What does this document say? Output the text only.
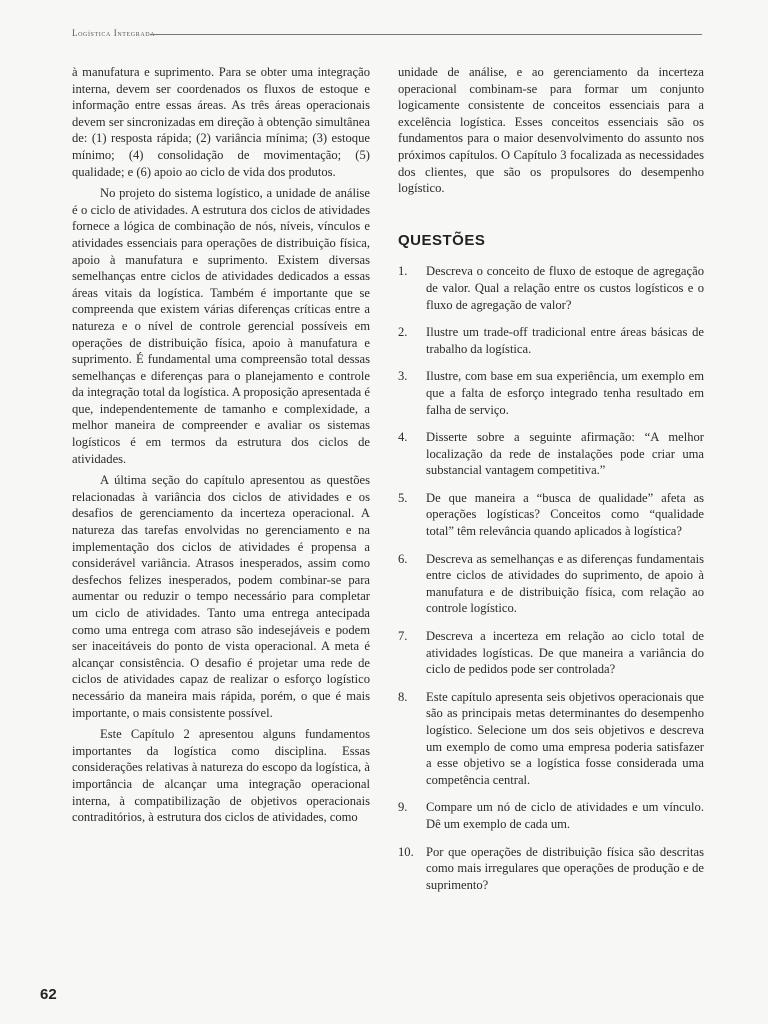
Logística Integrada

à manufatura e suprimento. Para se obter uma integração interna, devem ser coordenados os fluxos de estoque e informação entre essas áreas. As três áreas operacionais devem ser sincronizadas em direção à obtenção simultânea de: (1) resposta rápida; (2) variância mínima; (3) estoque mínimo; (4) consolidação de movimentação; (5) qualidade; e (6) apoio ao ciclo de vida dos produtos.

No projeto do sistema logístico, a unidade de análise é o ciclo de atividades. A estrutura dos ciclos de atividades fornece a lógica de combinação de nós, níveis, vínculos e atividades essenciais para operações de distribuição física, apoio à manufatura e suprimento. Existem diversas semelhanças entre ciclos de atividades dedicados a essas áreas vitais da logística. Também é importante que se compreenda que existem várias diferenças críticas entre a natureza e o nível de controle gerencial possíveis em operações de distribuição física, apoio à manufatura e suprimento. É fundamental uma compreensão total dessas semelhanças e diferenças para o planejamento e controle da integração total da logística. A proposição apresentada é que, independentemente de tamanho e complexidade, a melhor maneira de compreender e avaliar os sistemas logísticos é em termos da estrutura dos ciclos de atividades.

A última seção do capítulo apresentou as questões relacionadas à variância dos ciclos de atividades e os desafios de gerenciamento da incerteza operacional. A natureza das tarefas envolvidas no gerenciamento e na implementação dos ciclos de atividades é propensa a considerável variância. Atrasos inesperados, assim como desfechos felizes inesperados, podem combinar-se para aumentar ou reduzir o tempo necessário para completar um ciclo de atividades. Tanto uma entrega antecipada como uma entrega com atraso são indesejáveis e podem ser inaceitáveis do ponto de vista operacional. A meta é alcançar consistência. O desafio é projetar uma rede de ciclos de atividades capaz de realizar o esforço logístico necessário da maneira mais rápida, porém, o que é mais importante, o mais consistente possível.

Este Capítulo 2 apresentou alguns fundamentos importantes da logística como disciplina. Essas considerações relativas à natureza do escopo da logística, à importância de alcançar uma integração operacional interna, à compatibilização de objetivos operacionais contraditórios, à estrutura dos ciclos de atividades, como

unidade de análise, e ao gerenciamento da incerteza operacional combinam-se para formar um conjunto logicamente consistente de conceitos essenciais para a excelência logística. Esses conceitos essenciais são os fundamentos para o maior desenvolvimento do assunto nos próximos capítulos. O Capítulo 3 focalizada as necessidades dos clientes, que são os propulsores do desempenho logístico.

QUESTÕES
1.	Descreva o conceito de fluxo de estoque de agregação de valor. Qual a relação entre os custos logísticos e o fluxo de agregação de valor?
2.	Ilustre um trade-off tradicional entre áreas básicas de trabalho da logística.
3.	Ilustre, com base em sua experiência, um exemplo em que a falta de esforço integrado tenha resultado em falha de serviço.
4.	Disserte sobre a seguinte afirmação: “A melhor localização da rede de instalações pode criar uma substancial vantagem competitiva.”
5.	De que maneira a “busca de qualidade” afeta as operações logísticas? Conceitos como “qualidade total” têm relevância quando aplicados à logística?
6.	Descreva as semelhanças e as diferenças fundamentais entre ciclos de atividades do suprimento, de apoio à manufatura e de distribuição física, com relação ao controle logístico.
7.	Descreva a incerteza em relação ao ciclo total de atividades logísticas. De que maneira a variância do ciclo de pedidos pode ser controlada?
8.	Este capítulo apresenta seis objetivos operacionais que são as principais metas determinantes do desempenho logístico. Selecione um dos seis objetivos e descreva um exemplo de como uma empresa poderia satisfazer a esse objetivo se a logística fosse considerada uma competência central.
9.	Compare um nó de ciclo de atividades e um vínculo. Dê um exemplo de cada um.
10. Por que operações de distribuição física são descritas como mais irregulares que operações de produção e de suprimento?
62
